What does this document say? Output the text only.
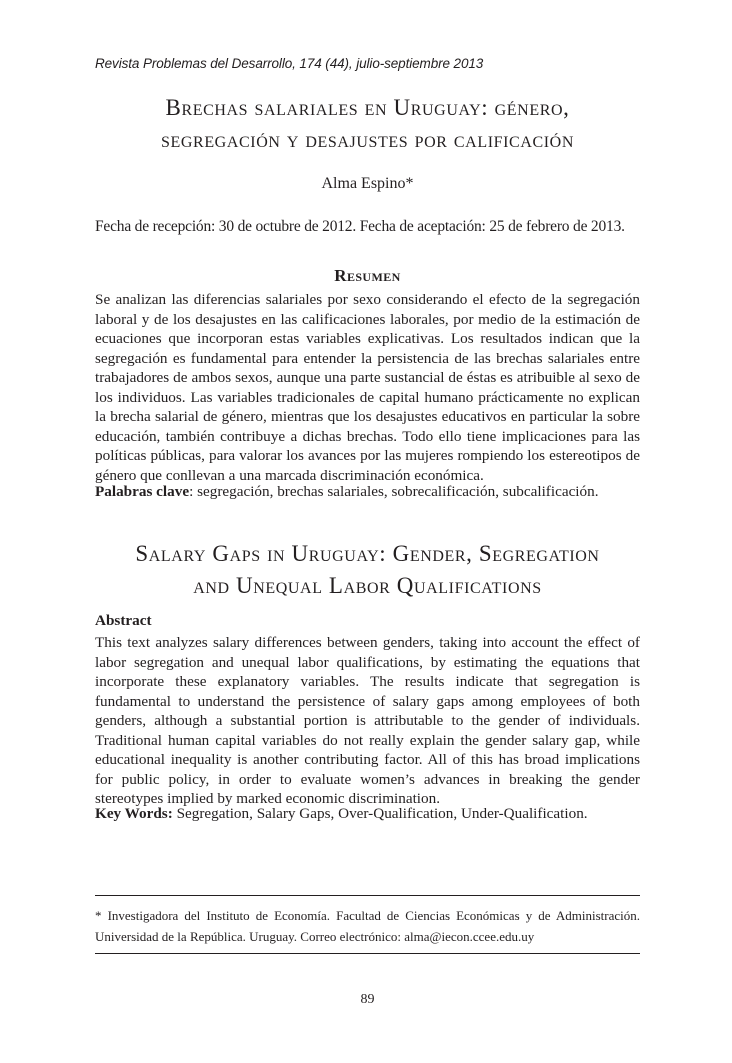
Revista Problemas del Desarrollo, 174 (44), julio-septiembre 2013
Brechas salariales en Uruguay: género,
segregación y desajustes por calificación
Alma Espino*
Fecha de recepción: 30 de octubre de 2012. Fecha de aceptación: 25 de febrero de 2013.
Resumen
Se analizan las diferencias salariales por sexo considerando el efecto de la segregación laboral y de los desajustes en las calificaciones laborales, por medio de la estimación de ecuaciones que incorporan estas variables explicativas. Los resultados indican que la segregación es fundamental para entender la persistencia de las brechas salariales entre trabajadores de ambos sexos, aunque una parte sustancial de éstas es atribuible al sexo de los individuos. Las variables tradicionales de capital humano prácticamente no explican la brecha salarial de género, mientras que los desajustes educativos en particular la sobre educación, también contribuye a dichas brechas. Todo ello tiene implicaciones para las políticas públicas, para valorar los avances por las mujeres rompiendo los estereotipos de género que conllevan a una marcada discriminación económica.
Palabras clave: segregación, brechas salariales, sobrecalificación, subcalificación.
Salary Gaps in Uruguay: Gender, Segregation
and Unequal Labor Qualifications
Abstract
This text analyzes salary differences between genders, taking into account the effect of labor segregation and unequal labor qualifications, by estimating the equations that incorporate these explanatory variables. The results indicate that segregation is fundamental to understand the persistence of salary gaps among employees of both genders, although a substantial portion is attributable to the gender of individuals. Traditional human capital variables do not really explain the gender salary gap, while educational inequality is another contributing factor. All of this has broad implications for public policy, in order to evaluate women’s advances in breaking the gender stereotypes implied by marked economic discrimination.
Key Words: Segregation, Salary Gaps, Over-Qualification, Under-Qualification.
* Investigadora del Instituto de Economía. Facultad de Ciencias Económicas y de Administración. Universidad de la República. Uruguay. Correo electrónico: alma@iecon.ccee.edu.uy
89
